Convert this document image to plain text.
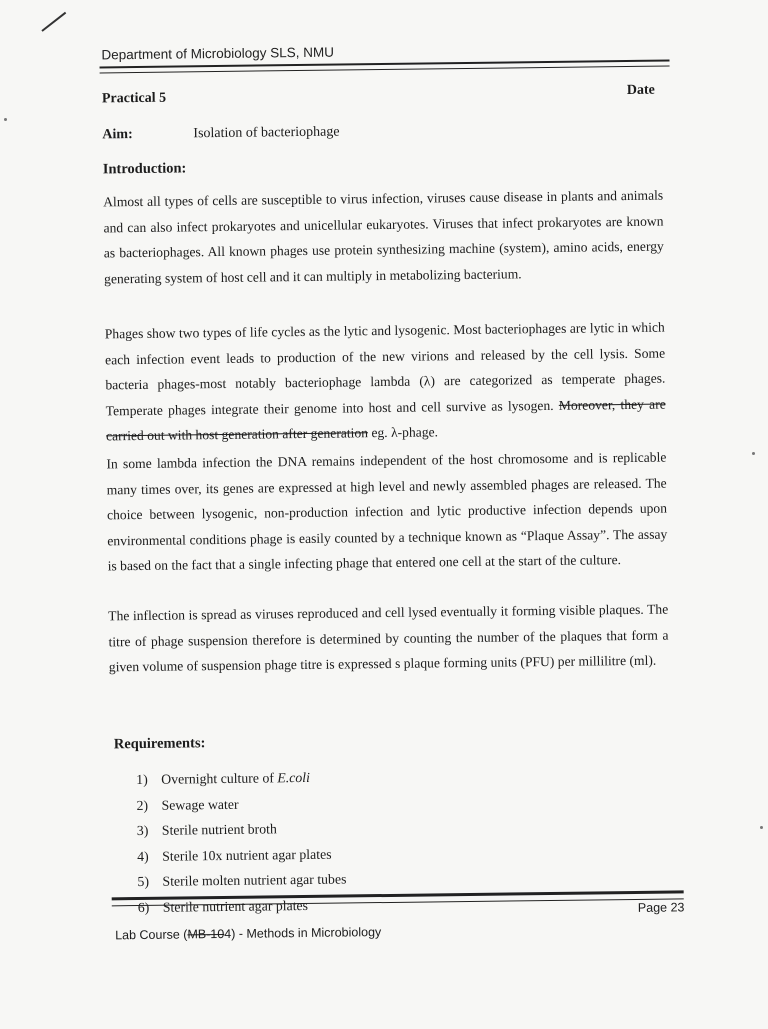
Department of Microbiology SLS, NMU
Practical 5
Date
Aim:	Isolation of bacteriophage
Introduction:

Almost all types of cells are susceptible to virus infection, viruses cause disease in plants and animals and can also infect prokaryotes and unicellular eukaryotes. Viruses that infect prokaryotes are known as bacteriophages. All known phages use protein synthesizing machine (system), amino acids, energy generating system of host cell and it can multiply in metabolizing bacterium.

Phages show two types of life cycles as the lytic and lysogenic. Most bacteriophages are lytic in which each infection event leads to production of the new virions and released by the cell lysis. Some bacteria phages-most notably bacteriophage lambda (λ) are categorized as temperate phages. Temperate phages integrate their genome into host and cell survive as lysogen. Moreover, they are carried out with host generation after generation eg. λ-phage.

In some lambda infection the DNA remains independent of the host chromosome and is replicable many times over, its genes are expressed at high level and newly assembled phages are released. The choice between lysogenic, non-production infection and lytic productive infection depends upon environmental conditions phage is easily counted by a technique known as “Plaque Assay”. The assay is based on the fact that a single infecting phage that entered one cell at the start of the culture.

The inflection is spread as viruses reproduced and cell lysed eventually it forming visible plaques. The titre of phage suspension therefore is determined by counting the number of the plaques that form a given volume of suspension phage titre is expressed s plaque forming units (PFU) per millilitre (ml).

Requirements:
1) Overnight culture of E.coli
2) Sewage water
3) Sterile nutrient broth
4) Sterile 10x nutrient agar plates
5) Sterile molten nutrient agar tubes
6) Sterile nutrient agar plates	Page 23
Lab Course (MB-104) - Methods in Microbiology
